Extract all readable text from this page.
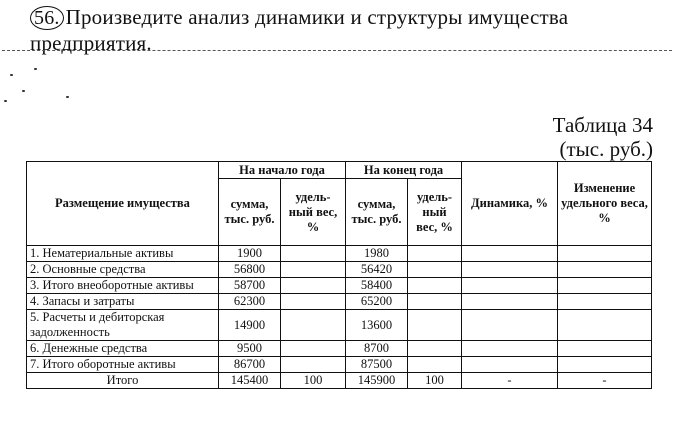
56. Произведите анализ динамики и структуры имущества предприятия.
Таблица 34
(тыс. руб.)
Размещение имущества	На начало года		На конец года		Динамика, %	Изменение удельного веса, %
	сумма, тыс. руб.	удель-ный вес, %	сумма, тыс. руб.	удель-ный вес, %		
1. Нематериальные активы	1900		1980			
2. Основные средства	56800		56420			
3. Итого внеоборотные активы	58700		58400			
4. Запасы и затраты	62300		65200			
5. Расчеты и дебиторская задолженность	14900		13600			
6. Денежные средства	9500		8700			
7. Итого оборотные активы	86700		87500			
Итого	145400	100	145900	100	-	-
